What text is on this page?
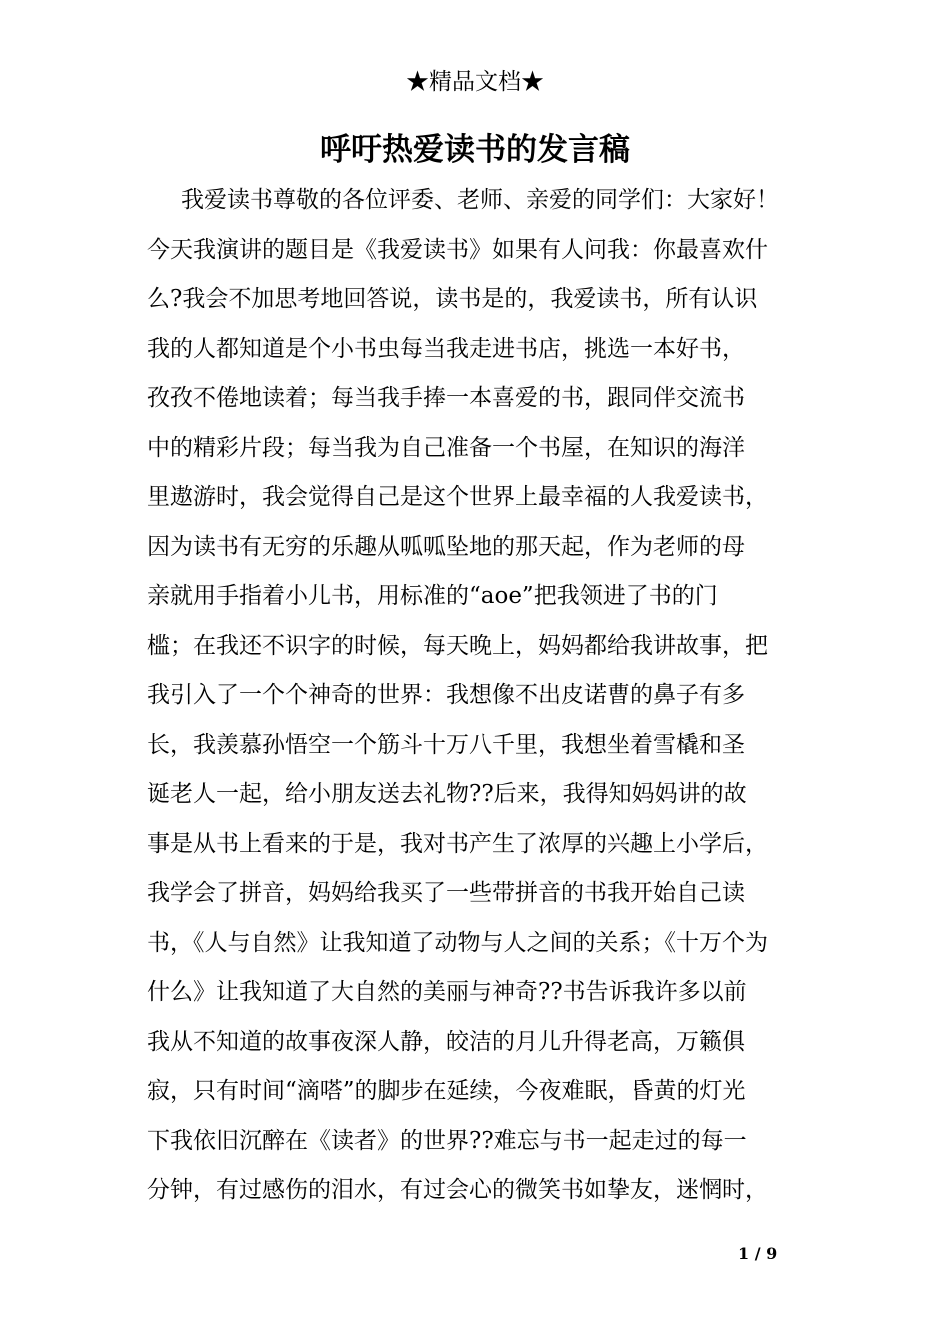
★精品文档★
呼吁热爱读书的发言稿
我爱读书尊敬的各位评委、老师、亲爱的同学们：大家好！
今天我演讲的题目是《我爱读书》如果有人问我：你最喜欢什
么?我会不加思考地回答说，读书是的，我爱读书，所有认识
我的人都知道是个小书虫每当我走进书店，挑选一本好书，
孜孜不倦地读着；每当我手捧一本喜爱的书，跟同伴交流书
中的精彩片段；每当我为自己准备一个书屋，在知识的海洋
里遨游时，我会觉得自己是这个世界上最幸福的人我爱读书，
因为读书有无穷的乐趣从呱呱坠地的那天起，作为老师的母
亲就用手指着小儿书，用标准的“aoe”把我领进了书的门
槛；在我还不识字的时候，每天晚上，妈妈都给我讲故事，把
我引入了一个个神奇的世界：我想像不出皮诺曹的鼻子有多
长，我羡慕孙悟空一个筋斗十万八千里，我想坐着雪橇和圣
诞老人一起，给小朋友送去礼物??后来，我得知妈妈讲的故
事是从书上看来的于是，我对书产生了浓厚的兴趣上小学后，
我学会了拼音，妈妈给我买了一些带拼音的书我开始自己读
书，《人与自然》让我知道了动物与人之间的关系；《十万个为
什么》让我知道了大自然的美丽与神奇??书告诉我许多以前
我从不知道的故事夜深人静，皎洁的月儿升得老高，万籁俱
寂，只有时间“滴嗒”的脚步在延续，今夜难眠，昏黄的灯光
下我依旧沉醉在《读者》的世界??难忘与书一起走过的每一
分钟，有过感伤的泪水，有过会心的微笑书如挚友，迷惘时，
1 / 9
